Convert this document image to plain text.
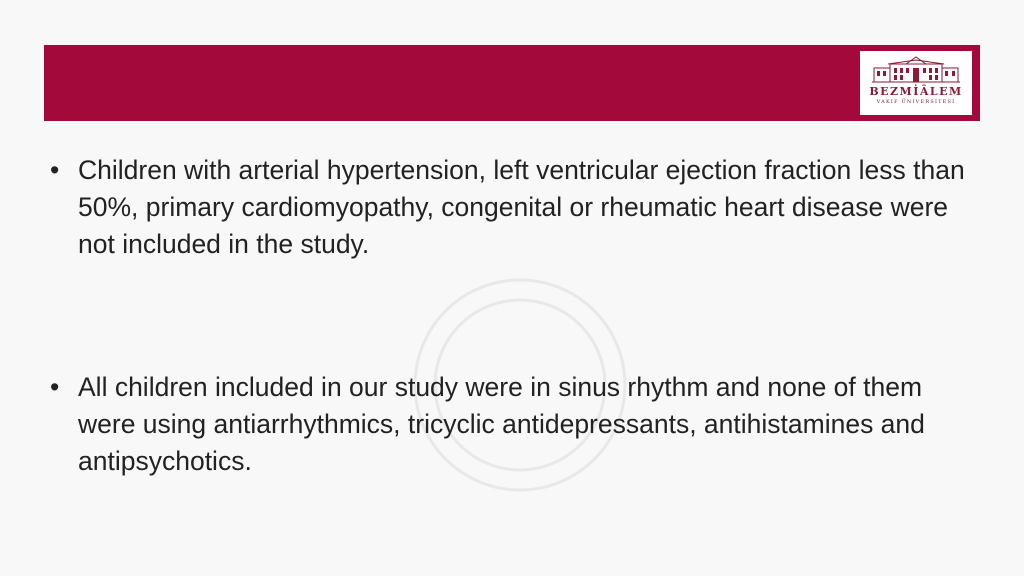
BEZMİÂLEM
VAKIF ÜNİVERSİTESİ
• Children with arterial hypertension, left ventricular ejection fraction less than 50%, primary cardiomyopathy, congenital or rheumatic heart disease were not included in the study.
• All children included in our study were in sinus rhythm and none of them were using antiarrhythmics, tricyclic antidepressants, antihistamines and antipsychotics.
